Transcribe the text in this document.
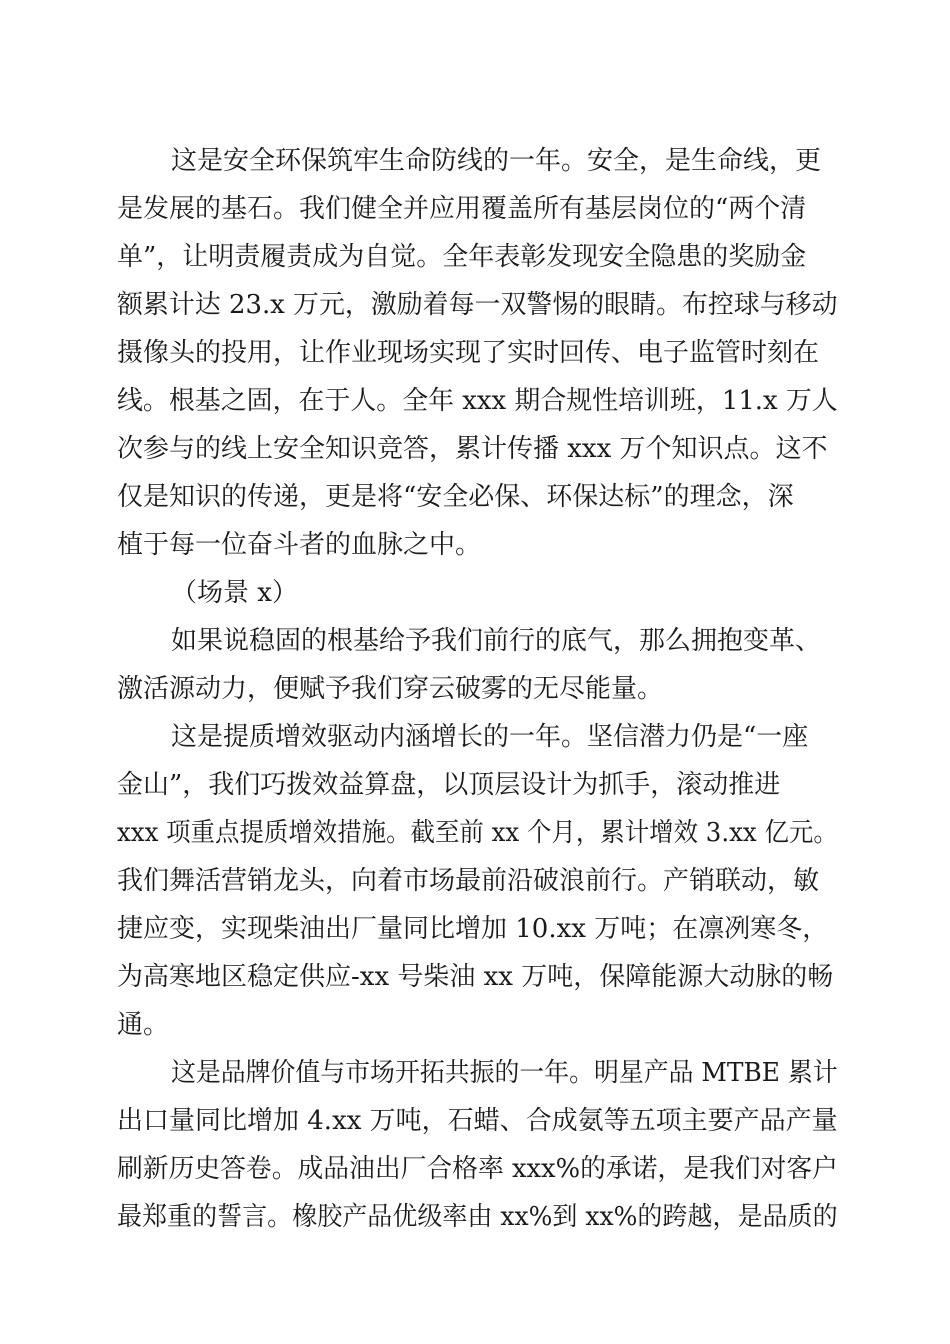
这是安全环保筑牢生命防线的一年。安全，是生命线，更
是发展的基石。我们健全并应用覆盖所有基层岗位的“两个清
单”，让明责履责成为自觉。全年表彰发现安全隐患的奖励金
额累计达 23.x 万元，激励着每一双警惕的眼睛。布控球与移动
摄像头的投用，让作业现场实现了实时回传、电子监管时刻在
线。根基之固，在于人。全年 xxx 期合规性培训班，11.x 万人
次参与的线上安全知识竞答，累计传播 xxx 万个知识点。这不
仅是知识的传递，更是将“安全必保、环保达标”的理念，深
植于每一位奋斗者的血脉之中。
（场景 x）
如果说稳固的根基给予我们前行的底气，那么拥抱变革、
激活源动力，便赋予我们穿云破雾的无尽能量。
这是提质增效驱动内涵增长的一年。坚信潜力仍是“一座
金山”，我们巧拨效益算盘，以顶层设计为抓手，滚动推进
xxx 项重点提质增效措施。截至前 xx 个月，累计增效 3.xx 亿元。
我们舞活营销龙头，向着市场最前沿破浪前行。产销联动，敏
捷应变，实现柴油出厂量同比增加 10.xx 万吨；在凛冽寒冬，
为高寒地区稳定供应-xx 号柴油 xx 万吨，保障能源大动脉的畅
通。
这是品牌价值与市场开拓共振的一年。明星产品 MTBE 累计
出口量同比增加 4.xx 万吨，石蜡、合成氨等五项主要产品产量
刷新历史答卷。成品油出厂合格率 xxx%的承诺，是我们对客户
最郑重的誓言。橡胶产品优级率由 xx%到 xx%的跨越，是品质的
